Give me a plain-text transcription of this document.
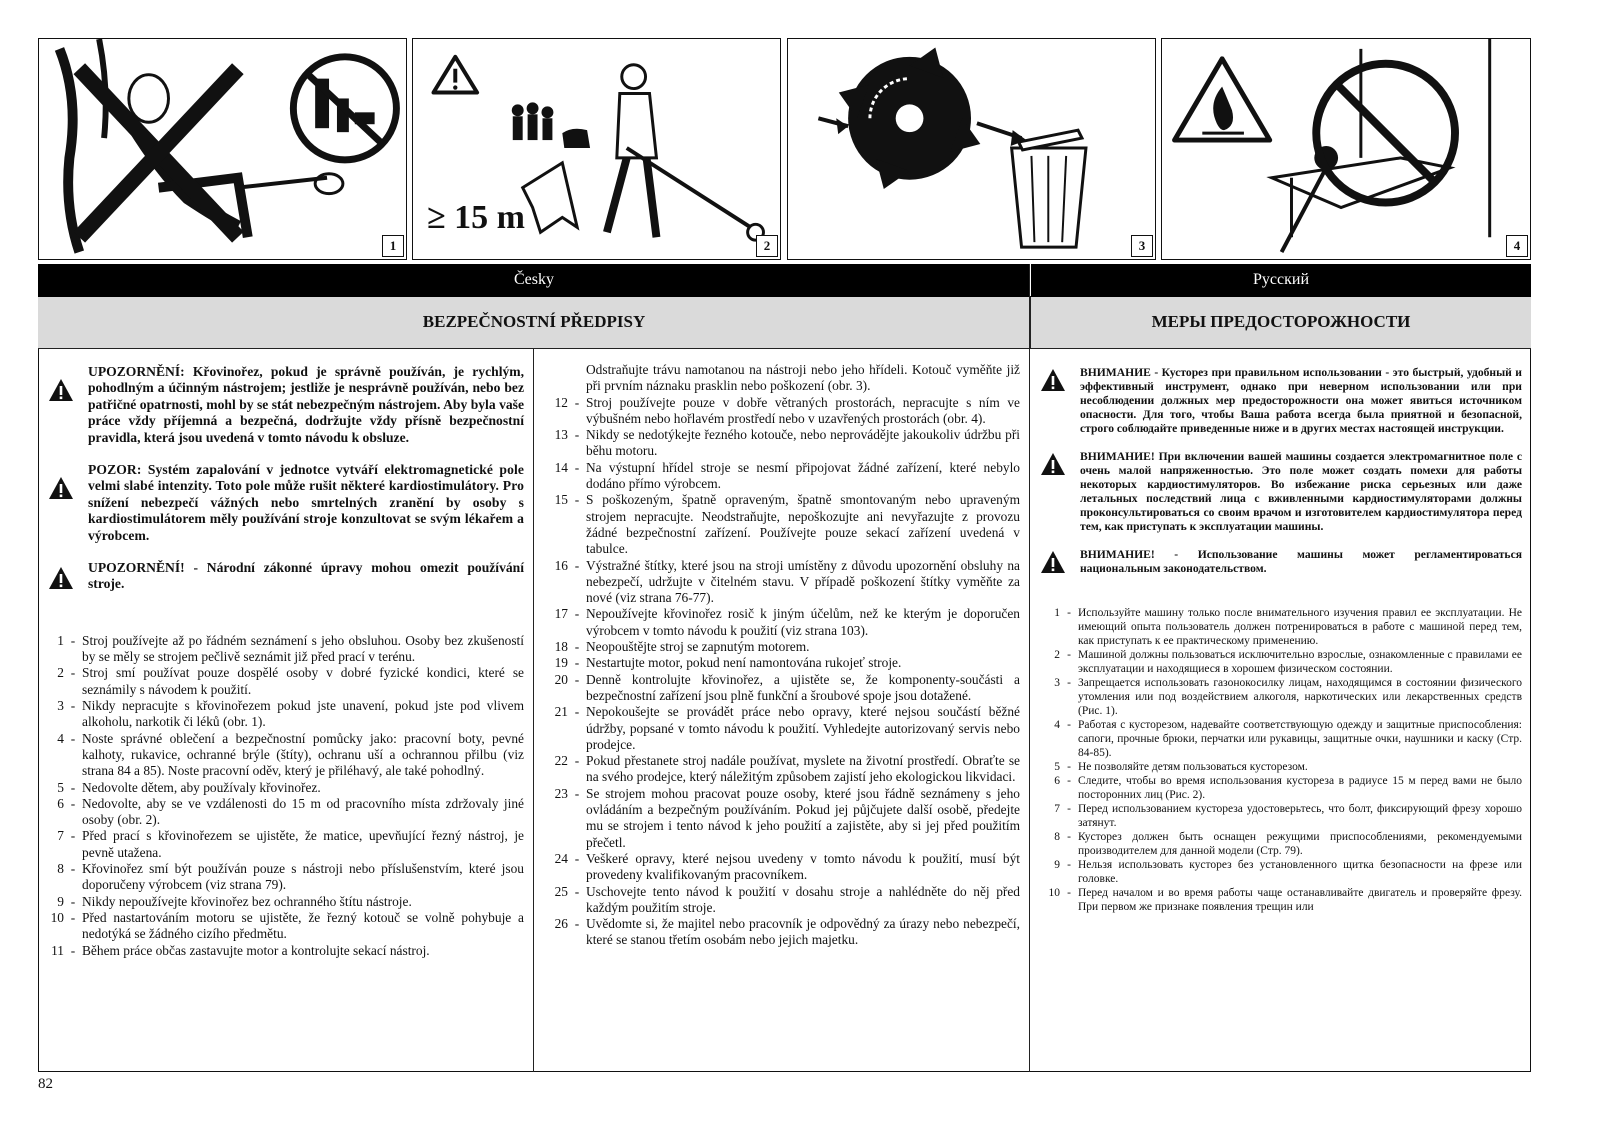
1
≥ 15 m
2	3	4
Česky	Русский
BEZPEČNOSTNÍ PŘEDPISY	МЕРЫ ПРЕДОСТОРОЖНОСТИ
UPOZORNĚNÍ: Křovinořez, pokud je správně používán, je rychlým, pohodlným a účinným nástrojem; jestliže je nesprávně používán, nebo bez patřičné opatrnosti, mohl by se stát nebezpečným nástrojem. Aby byla vaše práce vždy příjemná a bezpečná, dodržujte vždy přísně bezpečnostní pravidla, která jsou uvedená v tomto návodu k obsluze.
POZOR: Systém zapalování v jednotce vytváří elektromagnetické pole velmi slabé intenzity. Toto pole může rušit některé kardiostimulátory. Pro snížení nebezpečí vážných nebo smrtelných zranění by osoby s kardiostimulátorem měly používání stroje konzultovat se svým lékařem a výrobcem.
UPOZORNĚNÍ! - Národní zákonné úpravy mohou omezit používání stroje.
1 - Stroj používejte až po řádném seznámení s jeho obsluhou. Osoby bez zkušeností by se měly se strojem pečlivě seznámit již před prací v terénu.
2 - Stroj smí používat pouze dospělé osoby v dobré fyzické kondici, které se seznámily s návodem k použití.
3 - Nikdy nepracujte s křovinořezem pokud jste unavení, pokud jste pod vlivem alkoholu, narkotik či léků (obr. 1).
4 - Noste správné oblečení a bezpečnostní pomůcky jako: pracovní boty, pevné kalhoty, rukavice, ochranné brýle (štíty), ochranu uší a ochrannou přilbu (viz strana 84 a 85). Noste pracovní oděv, který je přiléhavý, ale také pohodlný.
5 - Nedovolte dětem, aby používaly křovinořez.
6 - Nedovolte, aby se ve vzdálenosti do 15 m od pracovního místa zdržovaly jiné osoby (obr. 2).
7 - Před prací s křovinořezem se ujistěte, že matice, upevňující řezný nástroj, je pevně utažena.
8 - Křovinořez smí být používán pouze s nástroji nebo příslušenstvím, které jsou doporučeny výrobcem (viz strana 79).
9 - Nikdy nepoužívejte křovinořez bez ochranného štítu nástroje.
10 - Před nastartováním motoru se ujistěte, že řezný kotouč se volně pohybuje a nedotýká se žádného cizího předmětu.
11 - Během práce občas zastavujte motor a kontrolujte sekací nástroj.
Odstraňujte trávu namotanou na nástroji nebo jeho hřídeli. Kotouč vyměňte již při prvním náznaku prasklin nebo poškození (obr. 3).
12 - Stroj používejte pouze v dobře větraných prostorách, nepracujte s ním ve výbušném nebo hořlavém prostředí nebo v uzavřených prostorách (obr. 4).
13 - Nikdy se nedotýkejte řezného kotouče, nebo neprovádějte jakoukoliv údržbu při běhu motoru.
14 - Na výstupní hřídel stroje se nesmí připojovat žádné zařízení, které nebylo dodáno přímo výrobcem.
15 - S poškozeným, špatně opraveným, špatně smontovaným nebo upraveným strojem nepracujte. Neodstraňujte, nepoškozujte ani nevyřazujte z provozu žádné bezpečnostní zařízení. Používejte pouze sekací zařízení uvedená v tabulce.
16 - Výstražné štítky, které jsou na stroji umístěny z důvodu upozornění obsluhy na nebezpečí, udržujte v čitelném stavu. V případě poškození štítky vyměňte za nové (viz strana 76-77).
17 - Nepoužívejte křovinořez rosič k jiným účelům, než ke kterým je doporučen výrobcem v tomto návodu k použití (viz strana 103).
18 - Neopouštějte stroj se zapnutým motorem.
19 - Nestartujte motor, pokud není namontována rukojeť stroje.
20 - Denně kontrolujte křovinořez, a ujistěte se, že komponenty-součásti a bezpečnostní zařízení jsou plně funkční a šroubové spoje jsou dotažené.
21 - Nepokoušejte se provádět práce nebo opravy, které nejsou součástí běžné údržby, popsané v tomto návodu k použití. Vyhledejte autorizovaný servis nebo prodejce.
22 - Pokud přestanete stroj nadále používat, myslete na životní prostředí. Obraťte se na svého prodejce, který náležitým způsobem zajistí jeho ekologickou likvidaci.
23 - Se strojem mohou pracovat pouze osoby, které jsou řádně seznámeny s jeho ovládáním a bezpečným používáním. Pokud jej půjčujete další osobě, předejte mu se strojem i tento návod k jeho použití a zajistěte, aby si jej před použitím přečetl.
24 - Veškeré opravy, které nejsou uvedeny v tomto návodu k použití, musí být provedeny kvalifikovaným pracovníkem.
25 - Uschovejte tento návod k použití v dosahu stroje a nahlédněte do něj před každým použitím stroje.
26 - Uvědomte si, že majitel nebo pracovník je odpovědný za úrazy nebo nebezpečí, které se stanou třetím osobám nebo jejich majetku.
ВНИМАНИЕ - Кусторез при правильном использовании - это быстрый, удобный и эффективный инструмент, однако при неверном использовании или при несоблюдении должных мер предосторожности она может явиться источником опасности. Для того, чтобы Ваша работа всегда была приятной и безопасной, строго соблюдайте приведенные ниже и в других местах настоящей инструкции.
ВНИМАНИЕ! При включении вашей машины создается электромагнитное поле с очень малой напряженностью. Это поле может создать помехи для работы некоторых кардиостимуляторов. Во избежание риска серьезных или даже летальных последствий лица с вживленными кардиостимуляторами должны проконсультироваться со своим врачом и изготовителем кардиостимулятора перед тем, как приступать к эксплуатации машины.
ВНИМАНИЕ! - Использование машины может регламентироваться национальным законодательством.
1 - Используйте машину только после внимательного изучения правил ее эксплуатации. Не имеющий опыта пользователь должен потренироваться в работе с машиной перед тем, как приступать к ее практическому применению.
2 - Машиной должны пользоваться исключительно взрослые, ознакомленные с правилами ее эксплуатации и находящиеся в хорошем физическом состоянии.
3 - Запрещается использовать газонокосилку лицам, находящимся в состоянии физического утомления или под воздействием алкоголя, наркотических или лекарственных средств (Рис. 1).
4 - Работая с кусторезом, надевайте соответствующую одежду и защитные приспособления: сапоги, прочные брюки, перчатки или рукавицы, защитные очки, наушники и каску (Стр. 84-85).
5 - Не позволяйте детям пользоваться кусторезом.
6 - Следите, чтобы во время использования кустореза в радиусе 15 м перед вами не было посторонних лиц (Рис. 2).
7 - Перед использованием кустореза удостоверьтесь, что болт, фиксирующий фрезу хорошо затянут.
8 - Кусторез должен быть оснащен режущими приспособлениями, рекомендуемыми производителем для данной модели (Стр. 79).
9 - Нельзя использовать кусторез без установленного щитка безопасности на фрезе или головке.
10 - Перед началом и во время работы чаще останавливайте двигатель и проверяйте фрезу. При первом же признаке появления трещин или
82
